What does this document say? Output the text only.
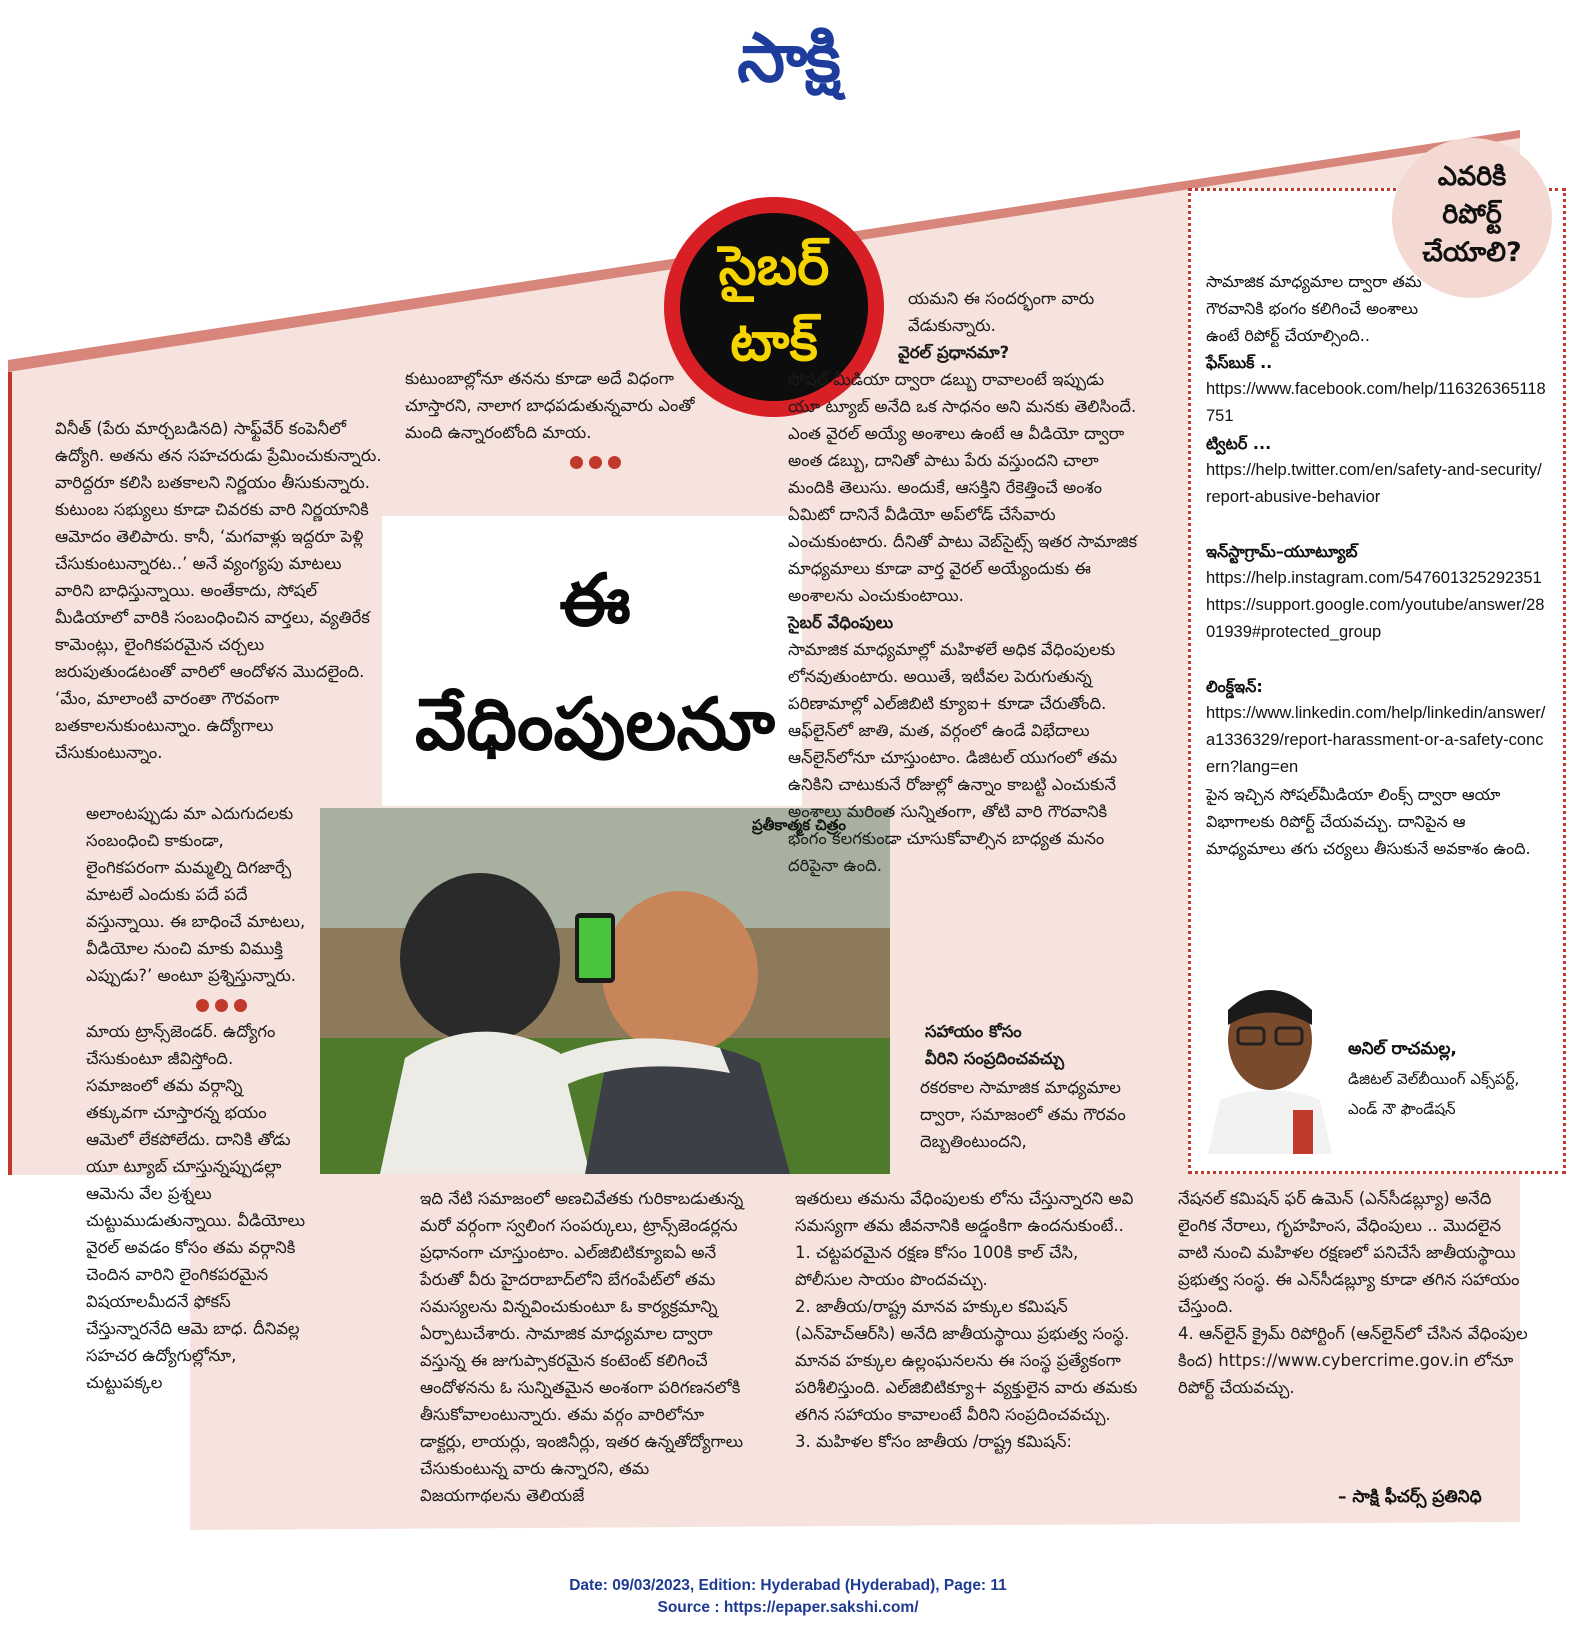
సాక్షి
సైబర్
టాక్

వినీత్ (పేరు మార్చబడినది) సాఫ్ట్‌వేర్ కంపెనీలో ఉద్యోగి. అతను తన సహచరుడు ప్రేమించుకున్నారు. వారిద్దరూ కలిసి బతకాలని నిర్ణయం తీసుకున్నారు. కుటుంబ సభ్యులు కూడా చివరకు వారి నిర్ణయానికి ఆమోదం తెలిపారు. కానీ, ‘మగవాళ్లు ఇద్దరూ పెళ్లి చేసుకుంటున్నారట..’ అనే వ్యంగ్యపు మాటలు వారిని బాధిస్తున్నాయి. అంతేకాదు, సోషల్ మీడియాలో వారికి సంబంధించిన వార్తలు, వ్యతిరేక కామెంట్లు, లైంగికపరమైన చర్చలు జరుపుతుండటంతో వారిలో ఆందోళన మొదలైంది. ‘మేం, మాలాంటి వారంతా గౌరవంగా బతకాలనుకుంటున్నాం. ఉద్యోగాలు చేసుకుంటున్నాం.

అలాంటప్పుడు మా ఎదుగుదలకు సంబంధించి కాకుండా, లైంగికపరంగా మమ్మల్ని దిగజార్చే మాటలే ఎందుకు పదే పదే వస్తున్నాయి. ఈ బాధించే మాటలు, వీడియోల నుంచి మాకు విముక్తి ఎప్పుడు?’ అంటూ ప్రశ్నిస్తున్నారు.

మాయ ట్రాన్స్‌జెండర్. ఉద్యోగం చేసుకుంటూ జీవిస్తోంది. సమాజంలో తమ వర్గాన్ని తక్కువగా చూస్తారన్న భయం ఆమెలో లేకపోలేదు. దానికి తోడు యూ ట్యూబ్ చూస్తున్నప్పుడల్లా ఆమెను వేల ప్రశ్నలు చుట్టుముడుతున్నాయి. వీడియోలు వైరల్ అవడం కోసం తమ వర్గానికి చెందిన వారిని లైంగికపరమైన విషయాలమీదనే ఫోకస్ చేస్తున్నారనేది ఆమె బాధ. దీనివల్ల సహచర ఉద్యోగుల్లోనూ, చుట్టుపక్కల

కుటుంబాల్లోనూ తనను కూడా అదే విధంగా చూస్తారని, నాలాగ బాధపడుతున్నవారు ఎంతో మంది ఉన్నారంటోంది మాయ.

ఇది నేటి సమాజంలో అణచివేతకు గురికాబడుతున్న మరో వర్గంగా స్వలింగ సంపర్కులు, ట్రాన్స్‌జెండర్లను ప్రధానంగా చూస్తుంటాం. ఎల్‌జిబిటిక్యూఐఏ అనే పేరుతో వీరు హైదరాబాద్‌లోని బేగంపేట్‌లో తమ సమస్యలను విన్నవించుకుంటూ ఓ కార్యక్రమాన్ని ఏర్పాటుచేశారు. సామాజిక మాధ్యమాల ద్వారా వస్తున్న ఈ జుగుప్సాకరమైన కంటెంట్ కలిగించే ఆందోళనను ఓ సున్నితమైన అంశంగా పరిగణనలోకి తీసుకోవాలంటున్నారు. తమ వర్గం వారిలోనూ డాక్టర్లు, లాయర్లు, ఇంజినీర్లు, ఇతర ఉన్నతోద్యోగాలు చేసుకుంటున్న వారు ఉన్నారని, తమ విజయగాథలను తెలియజే

ఈ వేధింపులనూ
ప్రతీకాత్మక చిత్రం

యమని ఈ సందర్భంగా వారు వేడుకున్నారు.

వైరల్ ప్రధానమా?

సోషల్ మీడియా ద్వారా డబ్బు రావాలంటే ఇప్పుడు యూ ట్యూబ్ అనేది ఒక సాధనం అని మనకు తెలిసిందే. ఎంత వైరల్ అయ్యే అంశాలు ఉంటే ఆ వీడియో ద్వారా అంత డబ్బు, దానితో పాటు పేరు వస్తుందని చాలా మందికి తెలుసు. అందుకే, ఆసక్తిని రేకెత్తించే అంశం ఏమిటో దానినే వీడియో అప్‌లోడ్ చేసేవారు ఎంచుకుంటారు. దీనితో పాటు వెబ్‌సైట్స్ ఇతర సామాజిక మాధ్యమాలు కూడా వార్త వైరల్ అయ్యేందుకు ఈ అంశాలను ఎంచుకుంటాయి.

సైబర్ వేధింపులు

సామాజిక మాధ్యమాల్లో మహిళలే అధిక వేధింపులకు లోనవుతుంటారు. అయితే, ఇటీవల పెరుగుతున్న పరిణామాల్లో ఎల్‌జిబిటి క్యూఐ+ కూడా చేరుతోంది. ఆఫ్‌లైన్‌లో జాతి, మత, వర్గంలో ఉండే విభేదాలు ఆన్‌లైన్‌లోనూ చూస్తుంటాం. డిజిటల్ యుగంలో తమ ఉనికిని చాటుకునే రోజుల్లో ఉన్నాం కాబట్టి ఎంచుకునే అంశాలు మరింత సున్నితంగా, తోటి వారి గౌరవానికి భంగం కలగకుండా చూసుకోవాల్సిన బాధ్యత మనం దరిపైనా ఉంది.

సహాయం కోసం

వీరిని సంప్రదించవచ్చు

రకరకాల సామాజిక మాధ్యమాల ద్వారా, సమాజంలో తమ గౌరవం దెబ్బతింటుందని,

ఇతరులు తమను వేధింపులకు లోను చేస్తున్నారని అవి సమస్యగా తమ జీవనానికి అడ్డంకిగా ఉందనుకుంటే..

1. చట్టపరమైన రక్షణ కోసం 100కి కాల్ చేసి, పోలీసుల సాయం పొందవచ్చు.

2. జాతీయ/రాష్ట్ర మానవ హక్కుల కమిషన్ (ఎన్‌హెచ్‌ఆర్‌సి) అనేది జాతీయస్థాయి ప్రభుత్వ సంస్థ. మానవ హక్కుల ఉల్లంఘనలను ఈ సంస్థ ప్రత్యేకంగా పరిశీలిస్తుంది. ఎల్‌జిబిటిక్యూ+ వ్యక్తులైన వారు తమకు తగిన సహాయం కావాలంటే వీరిని సంప్రదించవచ్చు.

3. మహిళల కోసం జాతీయ /రాష్ట్ర కమిషన్:

నేషనల్ కమిషన్ ఫర్ ఉమెన్ (ఎన్‌సీడబ్ల్యూ) అనేది లైంగిక నేరాలు, గృహహింస, వేధింపులు .. మొదలైన వాటి నుంచి మహిళల రక్షణలో పనిచేసే జాతీయస్థాయి ప్రభుత్వ సంస్థ. ఈ ఎన్‌సీడబ్ల్యూ కూడా తగిన సహాయం చేస్తుంది.

4. ఆన్‌లైన్ క్రైమ్ రిపోర్టింగ్ (ఆన్‌లైన్‌లో చేసిన వేధింపుల కింద) https://www.cybercrime.gov.in లోనూ రిపోర్ట్ చేయవచ్చు.

– సాక్షి ఫీచర్స్ ప్రతినిధి
ఎవరికి
రిపోర్ట్
చేయాలి?

సామాజిక మాధ్యమాల ద్వారా తమ గౌరవానికి భంగం కలిగించే అంశాలు ఉంటే రిపోర్ట్ చేయాల్సింది..

ఫేస్‌బుక్ ..

https://www.facebook.com/help/116326365118751

ట్విటర్ ...

https://help.twitter.com/en/safety-and-security/report-abusive-behavior

ఇన్‌స్టాగ్రామ్–యూట్యూబ్

https://help.instagram.com/547601325292351https://support.google.com/youtube/answer/2801939#protected_group

లింక్డ్‌ఇన్:

https://www.linkedin.com/help/linkedin/answer/a1336329/report-harassment-or-a-safety-concern?lang=en

పైన ఇచ్చిన సోషల్‌మీడియా లింక్స్ ద్వారా ఆయా విభాగాలకు రిపోర్ట్ చేయవచ్చు. దానిపైన ఆ మాధ్యమాలు తగు చర్యలు తీసుకునే అవకాశం ఉంది.

అనిల్ రాచమల్ల,
డిజిటల్ వెల్‌బీయింగ్ ఎక్స్‌పర్ట్,
ఎండ్ నౌ ఫౌండేషన్
Date: 09/03/2023, Edition: Hyderabad (Hyderabad), Page: 11
Source : https://epaper.sakshi.com/
